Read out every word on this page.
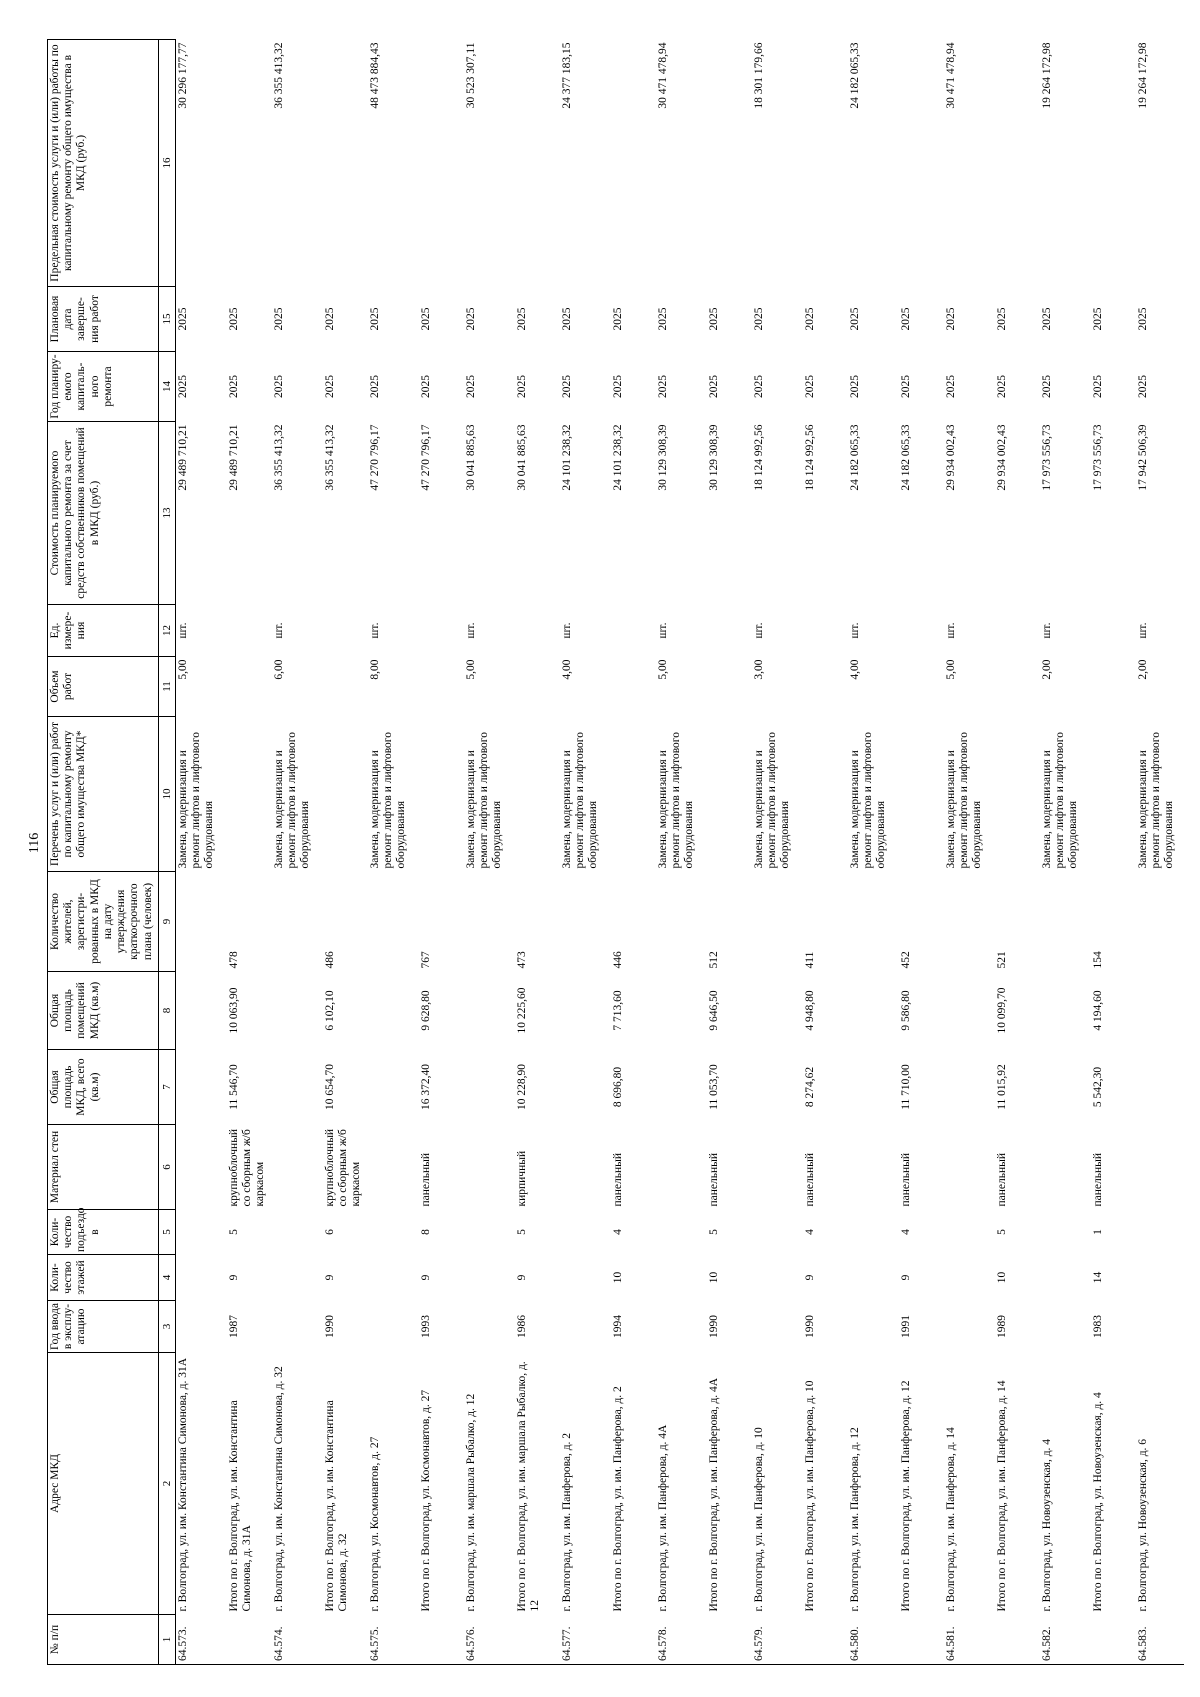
116
№ п/п	Адрес МКД	Год ввода в эксплу-атацию	Коли-чество этажей	Коли-чество подъездо в	Материал стен	Общая площадь МКД, всего (кв.м)	Общая площадь помещений МКД (кв.м)	Количество жителей, зарегистри-рованных в МКД на дату утверждения краткосрочного плана (человек)	Перечень услуг и (или) работ по капитальному ремонту общего имущества МКД*	Объем работ	Ед. измере-ния	Стоимость планируемого капитального ремонта за счет средств собственников помещений в МКД (руб.)	Год планиру-емого капиталь-ного ремонта	Плановая дата заверше-ния работ	Предельная стоимость услуги и (или) работы по капитальному ремонту общего имущества в МКД (руб.)
1	2	3	4	5	6	7	8	9	10	11	12	13	14	15	16
64.573.	г. Волгоград, ул. им. Константина Симонова, д. 31А								Замена, модернизация и ремонт лифтов и лифтового оборудования	5,00	шт.	29 489 710,21	2025	2025	30 296 177,77
	Итого по г. Волгоград, ул. им. Константина Симонова, д. 31А	1987	9	5	крупноблочный со сборным ж/б каркасом	11 546,70	10 063,90	478				29 489 710,21	2025	2025	
64.574.	г. Волгоград, ул. им. Константина Симонова, д. 32								Замена, модернизация и ремонт лифтов и лифтового оборудования	6,00	шт.	36 355 413,32	2025	2025	36 355 413,32
	Итого по г. Волгоград, ул. им. Константина Симонова, д. 32	1990	9	6	крупноблочный со сборным ж/б каркасом	10 654,70	6 102,10	486				36 355 413,32	2025	2025	
64.575.	г. Волгоград, ул. Космонавтов, д. 27								Замена, модернизация и ремонт лифтов и лифтового оборудования	8,00	шт.	47 270 796,17	2025	2025	48 473 884,43
	Итого по г. Волгоград, ул. Космонавтов, д. 27	1993	9	8	панельный	16 372,40	9 628,80	767				47 270 796,17	2025	2025	
64.576.	г. Волгоград, ул. им. маршала Рыбалко, д. 12								Замена, модернизация и ремонт лифтов и лифтового оборудования	5,00	шт.	30 041 885,63	2025	2025	30 523 307,11
	Итого по г. Волгоград, ул. им. маршала Рыбалко, д. 12	1986	9	5	кирпичный	10 228,90	10 225,60	473				30 041 885,63	2025	2025	
64.577.	г. Волгоград, ул. им. Панферова, д. 2								Замена, модернизация и ремонт лифтов и лифтового оборудования	4,00	шт.	24 101 238,32	2025	2025	24 377 183,15
	Итого по г. Волгоград, ул. им. Панферова, д. 2	1994	10	4	панельный	8 696,80	7 713,60	446				24 101 238,32	2025	2025	
64.578.	г. Волгоград, ул. им. Панферова, д. 4А								Замена, модернизация и ремонт лифтов и лифтового оборудования	5,00	шт.	30 129 308,39	2025	2025	30 471 478,94
	Итого по г. Волгоград, ул. им. Панферова, д. 4А	1990	10	5	панельный	11 053,70	9 646,50	512				30 129 308,39	2025	2025	
64.579.	г. Волгоград, ул. им. Панферова, д. 10								Замена, модернизация и ремонт лифтов и лифтового оборудования	3,00	шт.	18 124 992,56	2025	2025	18 301 179,66
	Итого по г. Волгоград, ул. им. Панферова, д. 10	1990	9	4	панельный	8 274,62	4 948,80	411				18 124 992,56	2025	2025	
64.580.	г. Волгоград, ул. им. Панферова, д. 12								Замена, модернизация и ремонт лифтов и лифтового оборудования	4,00	шт.	24 182 065,33	2025	2025	24 182 065,33
	Итого по г. Волгоград, ул. им. Панферова, д. 12	1991	9	4	панельный	11 710,00	9 586,80	452				24 182 065,33	2025	2025	
64.581.	г. Волгоград, ул. им. Панферова, д. 14								Замена, модернизация и ремонт лифтов и лифтового оборудования	5,00	шт.	29 934 002,43	2025	2025	30 471 478,94
	Итого по г. Волгоград, ул. им. Панферова, д. 14	1989	10	5	панельный	11 015,92	10 099,70	521				29 934 002,43	2025	2025	
64.582.	г. Волгоград, ул. Новоузенская, д. 4								Замена, модернизация и ремонт лифтов и лифтового оборудования	2,00	шт.	17 973 556,73	2025	2025	19 264 172,98
	Итого по г. Волгоград, ул. Новоузенская, д. 4	1983	14	1	панельный	5 542,30	4 194,60	154				17 973 556,73	2025	2025	
64.583.	г. Волгоград, ул. Новоузенская, д. 6								Замена, модернизация и ремонт лифтов и лифтового оборудования	2,00	шт.	17 942 506,39	2025	2025	19 264 172,98
